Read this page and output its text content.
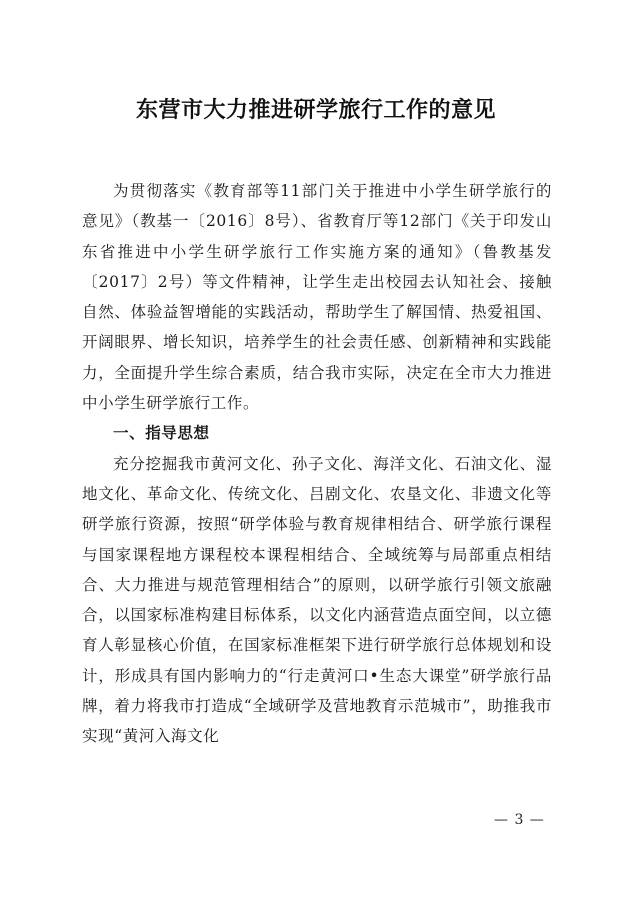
东营市大力推进研学旅行工作的意见

为贯彻落实《教育部等11部门关于推进中小学生研学旅行的意见》（教基一〔2016〕8号）、省教育厅等12部门《关于印发山东省推进中小学生研学旅行工作实施方案的通知》（鲁教基发〔2017〕2号）等文件精神，让学生走出校园去认知社会、接触自然、体验益智增能的实践活动，帮助学生了解国情、热爱祖国、开阔眼界、增长知识，培养学生的社会责任感、创新精神和实践能力，全面提升学生综合素质，结合我市实际，决定在全市大力推进中小学生研学旅行工作。

一、指导思想

充分挖掘我市黄河文化、孙子文化、海洋文化、石油文化、湿地文化、革命文化、传统文化、吕剧文化、农垦文化、非遗文化等研学旅行资源，按照“研学体验与教育规律相结合、研学旅行课程与国家课程地方课程校本课程相结合、全域统筹与局部重点相结合、大力推进与规范管理相结合”的原则，以研学旅行引领文旅融合，以国家标准构建目标体系，以文化内涵营造点面空间，以立德育人彰显核心价值，在国家标准框架下进行研学旅行总体规划和设计，形成具有国内影响力的“行走黄河口•生态大课堂”研学旅行品牌，着力将我市打造成“全域研学及营地教育示范城市”，助推我市实现“黄河入海文化

— 3 —
